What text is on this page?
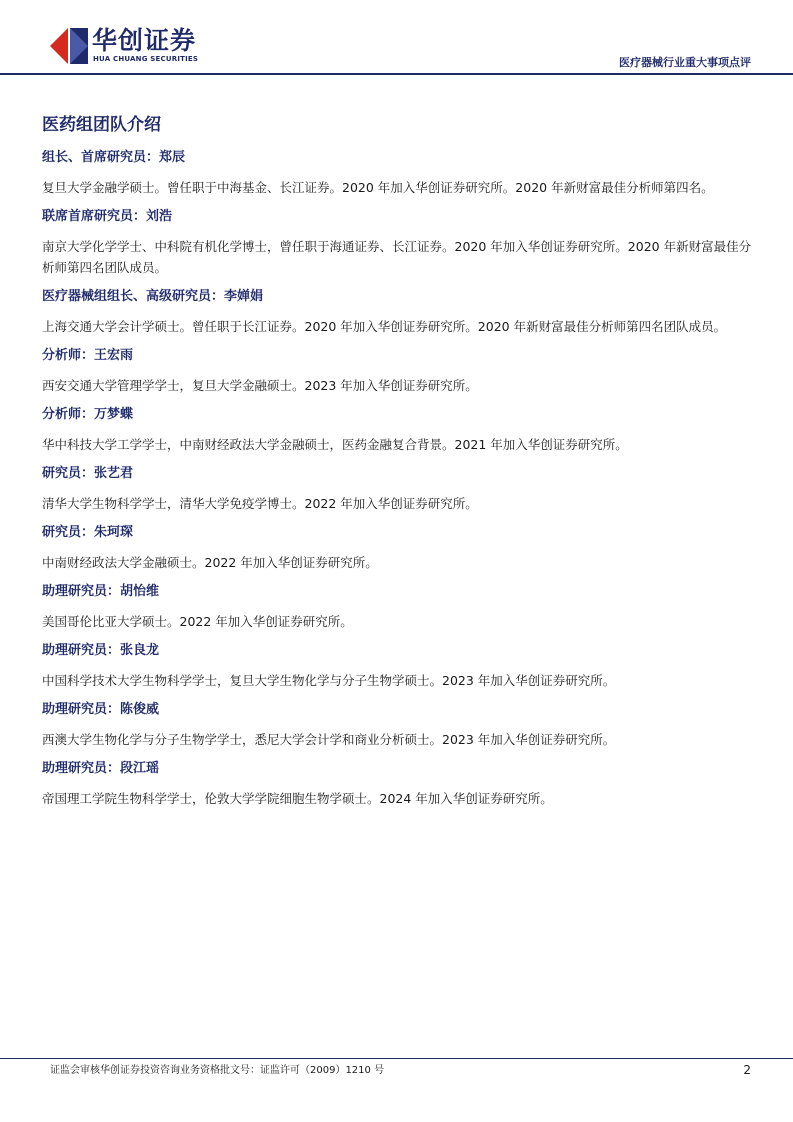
华创证券
HUA CHUANG SECURITIES	医疗器械行业重大事项点评
医药组团队介绍
组长、首席研究员：郑辰
复旦大学金融学硕士。曾任职于中海基金、长江证券。2020 年加入华创证券研究所。2020 年新财富最佳分析师第四名。
联席首席研究员：刘浩
南京大学化学学士、中科院有机化学博士，曾任职于海通证券、长江证券。2020 年加入华创证券研究所。2020 年新财富最佳分析师第四名团队成员。
医疗器械组组长、高级研究员：李婵娟
上海交通大学会计学硕士。曾任职于长江证券。2020 年加入华创证券研究所。2020 年新财富最佳分析师第四名团队成员。
分析师：王宏雨
西安交通大学管理学学士，复旦大学金融硕士。2023 年加入华创证券研究所。
分析师：万梦蝶
华中科技大学工学学士，中南财经政法大学金融硕士，医药金融复合背景。2021 年加入华创证券研究所。
研究员：张艺君
清华大学生物科学学士，清华大学免疫学博士。2022 年加入华创证券研究所。
研究员：朱珂琛
中南财经政法大学金融硕士。2022 年加入华创证券研究所。
助理研究员：胡怡维
美国哥伦比亚大学硕士。2022 年加入华创证券研究所。
助理研究员：张良龙
中国科学技术大学生物科学学士，复旦大学生物化学与分子生物学硕士。2023 年加入华创证券研究所。
助理研究员：陈俊威
西澳大学生物化学与分子生物学学士，悉尼大学会计学和商业分析硕士。2023 年加入华创证券研究所。
助理研究员：段江瑶
帝国理工学院生物科学学士，伦敦大学学院细胞生物学硕士。2024 年加入华创证券研究所。
证监会审核华创证券投资咨询业务资格批文号：证监许可（2009）1210 号	2
